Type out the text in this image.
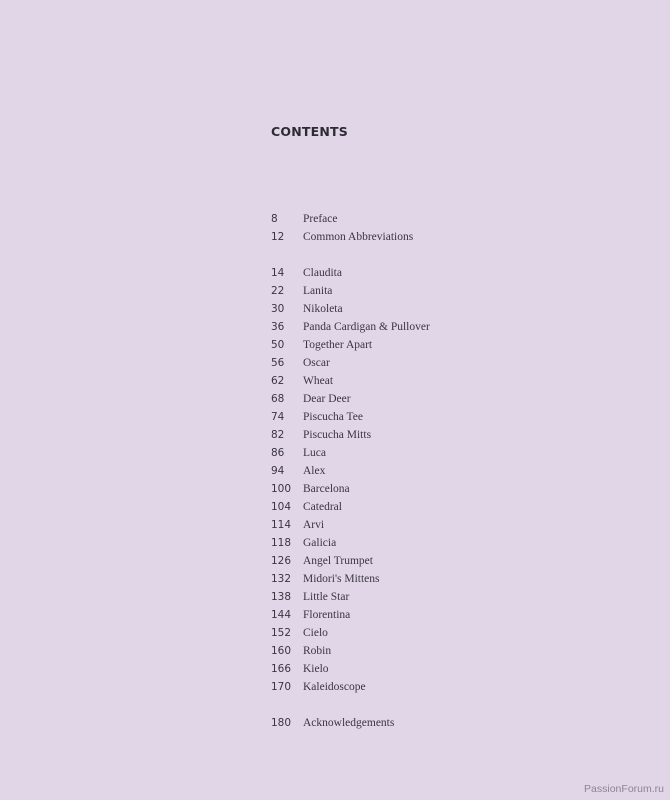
CONTENTS
8 Preface
12 Common Abbreviations
14 Claudita
22 Lanita
30 Nikoleta
36 Panda Cardigan & Pullover
50 Together Apart
56 Oscar
62 Wheat
68 Dear Deer
74 Piscucha Tee
82 Piscucha Mitts
86 Luca
94 Alex
100 Barcelona
104 Catedral
114 Arvi
118 Galicia
126 Angel Trumpet
132 Midori's Mittens
138 Little Star
144 Florentina
152 Cielo
160 Robin
166 Kielo
170 Kaleidoscope
180 Acknowledgements
PassionForum.ru
